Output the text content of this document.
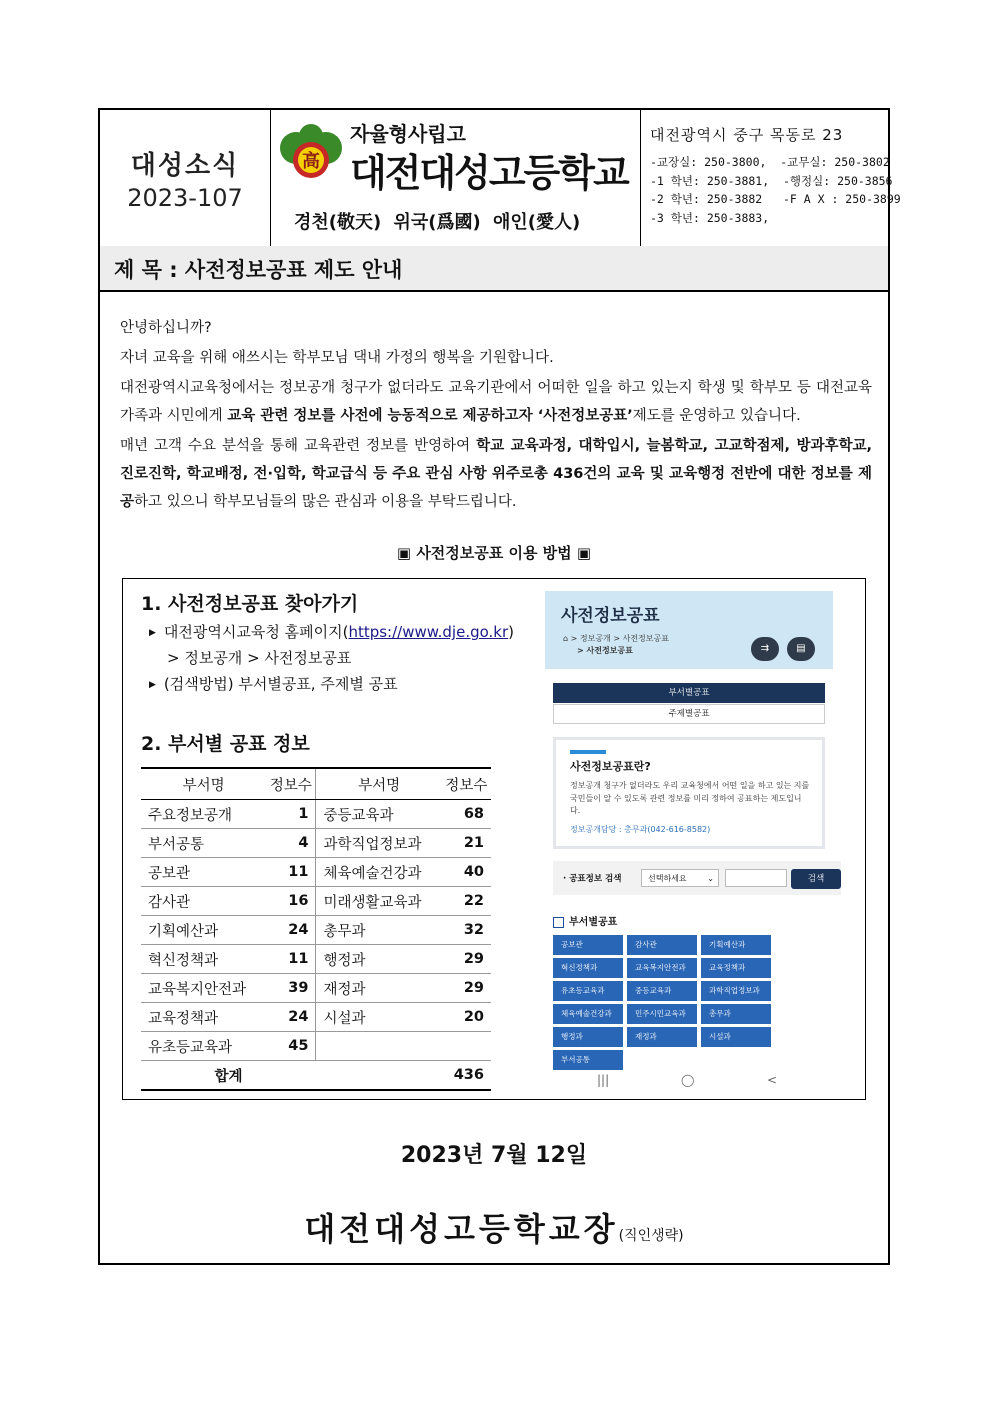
대성소식
2023-107
高
자율형사립고
대전대성고등학교
경천(敬天) 위국(爲國) 애인(愛人)
대전광역시 중구 목동로 23
-교장실: 250-3800,  -교무실: 250-3802
-1 학년: 250-3881,  -행정실: 250-3856
-2 학년: 250-3882   -F A X : 250-3899
-3 학년: 250-3883,
제 목 : 사전정보공표 제도 안내

안녕하십니까?

자녀 교육을 위해 애쓰시는 학부모님 댁내 가정의 행복을 기원합니다.

대전광역시교육청에서는 정보공개 청구가 없더라도 교육기관에서 어떠한 일을 하고 있는지 학생 및 학부모 등 대전교육가족과 시민에게 교육 관련 정보를 사전에 능동적으로 제공하고자 ‘사전정보공표’제도를 운영하고 있습니다.

매년 고객 수요 분석을 통해 교육관련 정보를 반영하여 학교 교육과정, 대학입시, 늘봄학교, 고교학점제, 방과후학교, 진로진학, 학교배정, 전·입학, 학교급식 등 주요 관심 사항 위주로총 436건의 교육 및 교육행정 전반에 대한 정보를 제공하고 있으니 학부모님들의 많은 관심과 이용을 부탁드립니다.

▣ 사전정보공표 이용 방법 ▣
1. 사전정보공표 찾아가기
▶ 대전광역시교육청 홈페이지(https://www.dje.go.kr)
> 정보공개 > 사전정보공표
▶ (검색방법) 부서별공표, 주제별 공표
2. 부서별 공표 정보
부서명	정보수	부서명	정보수
주요정보공개	1	중등교육과	68
부서공통	4	과학직업정보과	21
공보관	11	체육예술건강과	40
감사관	16	미래생활교육과	22
기획예산과	24	총무과	32
혁신정책과	11	행정과	29
교육복지안전과	39	재정과	29
교육정책과	24	시설과	20
유초등교육과	45		
합계		436	
사전정보공표
⌂ > 정보공개 > 사전정보공표
> 사전정보공표	⇉	▤
부서별공표
주제별공표
사전정보공표란?
정보공개 청구가 없더라도 우리 교육청에서 어떤 일을 하고 있는 지를 국민들이 알 수 있도록 관련 정보를 미리 정하여 공표하는 제도입니다.
정보공개담당 : 총무과(042-616-8582)
· 공표정보 검색	선택하세요	⌄	검색
부서별공표
공보관	감사관	기획예산과
혁신정책과	교육복지안전과	교육정책과
유초등교육과	중등교육과	과학직업정보과
체육예술건강과	민주시민교육과	총무과
행정과	재정과	시설과
부서공통
|||	◯	<
2023년 7월 12일
대전대성고등학교장(직인생략)
